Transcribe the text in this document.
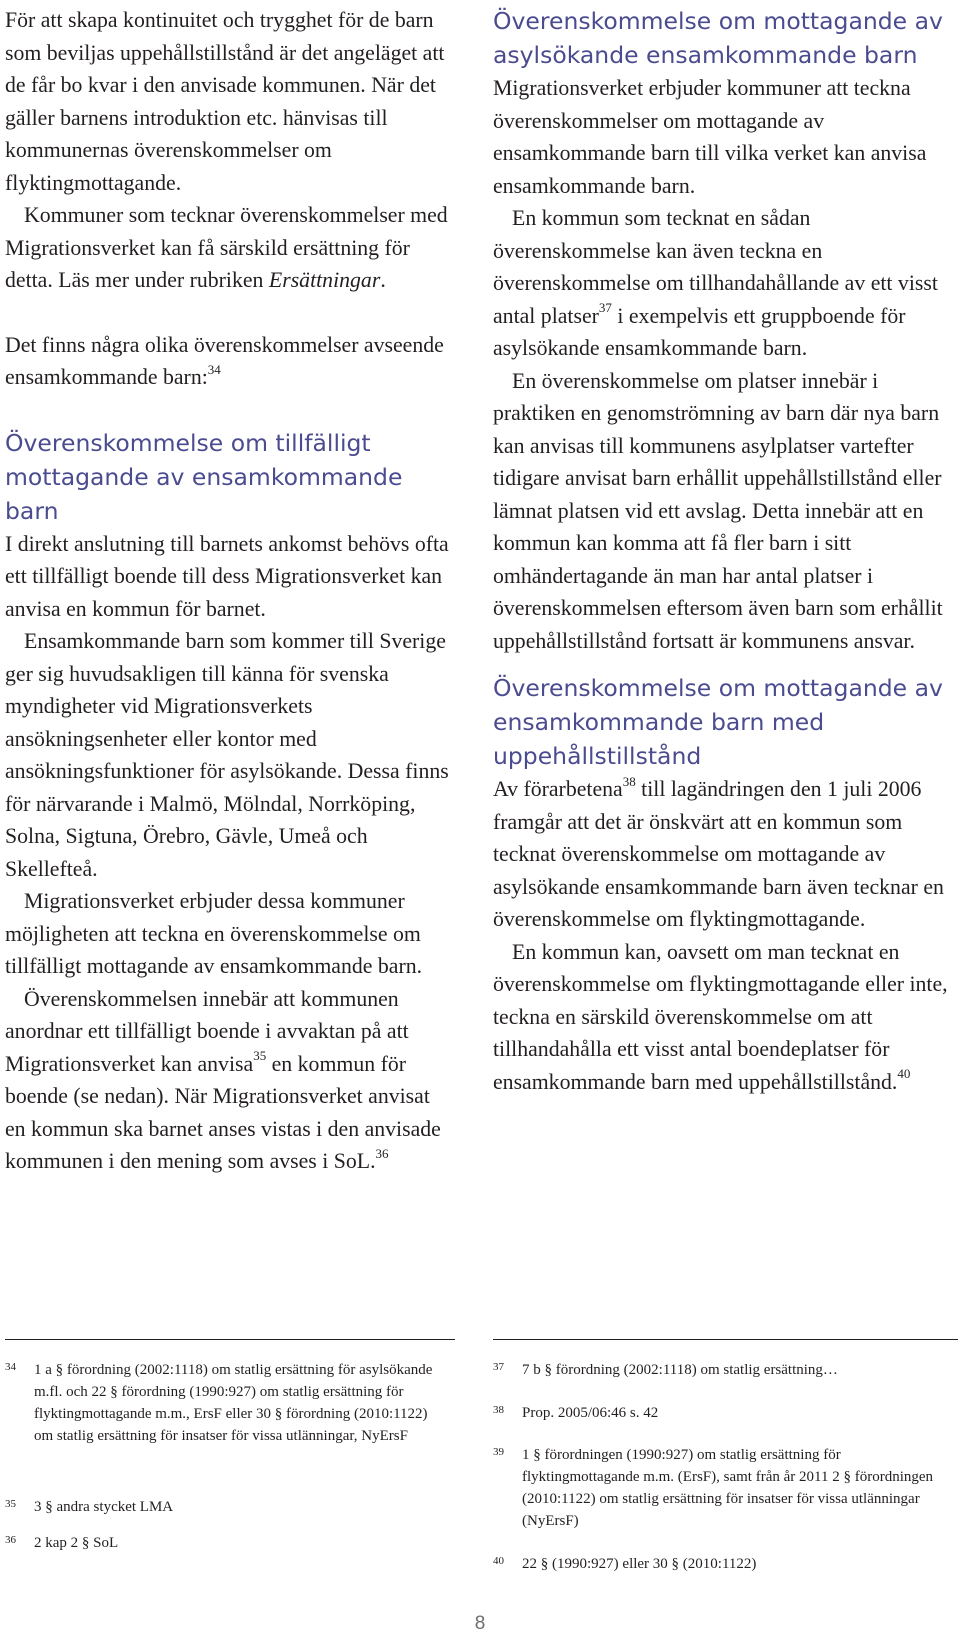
För att skapa kontinuitet och trygghet för de barn som beviljas uppehållstillstånd är det angeläget att de får bo kvar i den anvisade kommunen. När det gäller barnens introduktion etc. hänvisas till kommunernas överenskommelser om flyktingmottagande.

Kommuner som tecknar överenskommelser med Migrationsverket kan få särskild ersättning för detta. Läs mer under rubriken Ersättningar.

Det finns några olika överenskommelser avseende ensamkommande barn:$^{34}$

Överenskommelse om tillfälligt mottagande av ensamkommande barn

I direkt anslutning till barnets ankomst behövs ofta ett tillfälligt boende till dess Migrationsverket kan anvisa en kommun för barnet.

Ensamkommande barn som kommer till Sverige ger sig huvudsakligen till känna för svenska myndigheter vid Migrationsverkets ansökningsenheter eller kontor med ansökningsfunktioner för asylsökande. Dessa finns för närvarande i Malmö, Mölndal, Norrköping, Solna, Sigtuna, Örebro, Gävle, Umeå och Skellefteå.

Migrationsverket erbjuder dessa kommuner möjligheten att teckna en överenskommelse om tillfälligt mottagande av ensamkommande barn.

Överenskommelsen innebär att kommunen anordnar ett tillfälligt boende i avvaktan på att Migrationsverket kan anvisa$^{35}$ en kommun för boende (se nedan). När Migrationsverket anvisat en kommun ska barnet anses vistas i den anvisade kommunen i den mening som avses i SoL.$^{36}$

Överenskommelse om mottagande av asylsökande ensamkommande barn

Migrationsverket erbjuder kommuner att teckna överenskommelser om mottagande av ensamkommande barn till vilka verket kan anvisa ensamkommande barn.

En kommun som tecknat en sådan överenskommelse kan även teckna en överenskommelse om tillhandahållande av ett visst antal platser$^{37}$ i exempelvis ett gruppboende för asylsökande ensamkommande barn.

En överenskommelse om platser innebär i praktiken en genomströmning av barn där nya barn kan anvisas till kommunens asylplatser vartefter tidigare anvisat barn erhållit uppehållstillstånd eller lämnat platsen vid ett avslag. Detta innebär att en kommun kan komma att få fler barn i sitt omhändertagande än man har antal platser i överenskommelsen eftersom även barn som erhållit uppehållstillstånd fortsatt är kommunens ansvar.

Överenskommelse om mottagande av ensamkommande barn med uppehållstillstånd

Av förarbetena$^{38}$ till lagändringen den 1 juli 2006 framgår att det är önskvärt att en kommun som tecknat överenskommelse om mottagande av asylsökande ensamkommande barn även tecknar en överenskommelse om flyktingmottagande.

En kommun kan, oavsett om man tecknat en överenskommelse om flyktingmottagande eller inte, teckna en särskild överenskommelse om att tillhandahålla ett visst antal boendeplatser för ensamkommande barn med uppehållstillstånd.$^{40}$

34 1 a § förordning (2002:1118) om statlig ersättning för asylsökande m.fl. och 22 § förordning (1990:927) om statlig ersättning för flyktingmottagande m.m., ErsF eller 30 § förordning (2010:1122) om statlig ersättning för insatser för vissa utlänningar, NyErsF
35 3 § andra stycket LMA
36 2 kap 2 § SoL
37 7 b § förordning (2002:1118) om statlig ersättning…
38 Prop. 2005/06:46 s. 42
39 1 § förordningen (1990:927) om statlig ersättning för flyktingmottagande m.m. (ErsF), samt från år 2011 2 § förordningen (2010:1122) om statlig ersättning för insatser för vissa utlänningar (NyErsF)
40 22 § (1990:927) eller 30 § (2010:1122)
8
